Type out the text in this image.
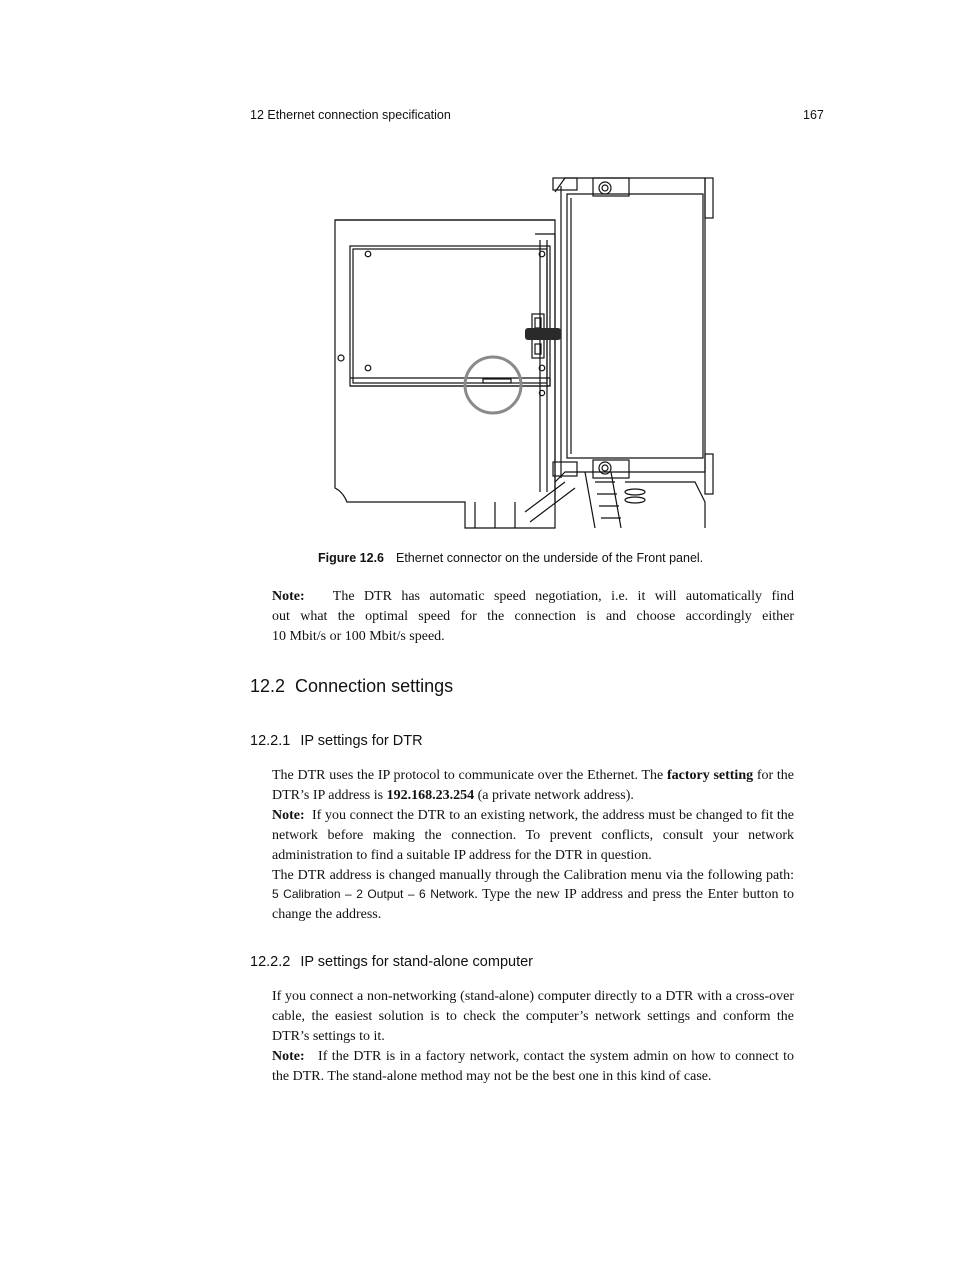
12 Ethernet connection specification	167
Figure 12.6 Ethernet connector on the underside of the Front panel.
Note: The DTR has automatic speed negotiation, i.e. it will automatically find
out what the optimal speed for the connection is and choose accordingly either
10 Mbit/s or 100 Mbit/s speed.
12.2 Connection settings
12.2.1 IP settings for DTR
The DTR uses the IP protocol to communicate over the Ethernet. The factory setting for the DTR’s IP address is 192.168.23.254 (a private network address).
Note: If you connect the DTR to an existing network, the address must be changed to fit the network before making the connection. To prevent conflicts, consult your network administration to find a suitable IP address for the DTR in question.
The DTR address is changed manually through the Calibration menu via the following path: 5 Calibration – 2 Output – 6 Network. Type the new IP address and press the Enter button to change the address.
12.2.2 IP settings for stand-alone computer
If you connect a non-networking (stand-alone) computer directly to a DTR with a cross-over cable, the easiest solution is to check the computer’s network settings and conform the DTR’s settings to it.
Note: If the DTR is in a factory network, contact the system admin on how to connect to the DTR. The stand-alone method may not be the best one in this kind of case.
